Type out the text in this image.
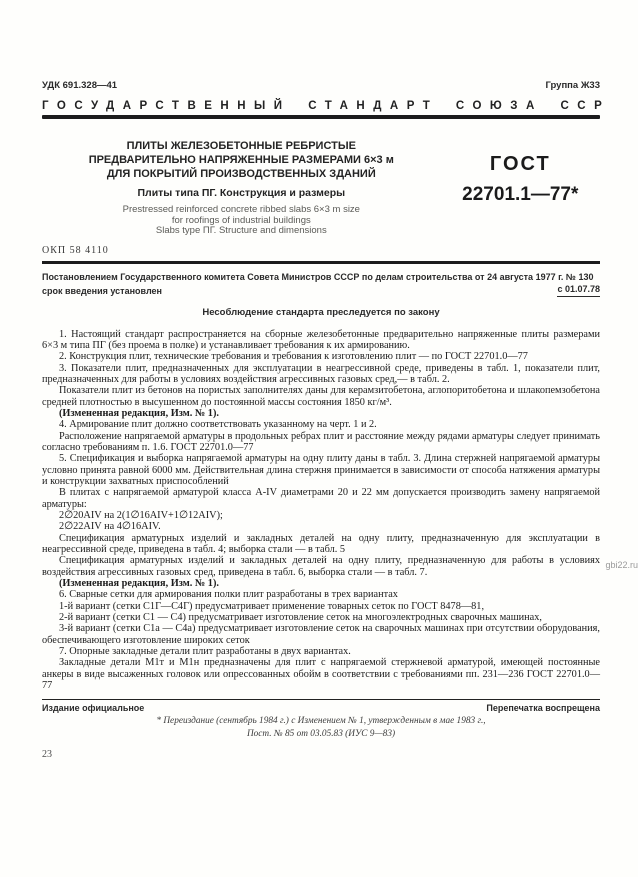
УДК 691.328—41	Группа Ж33
ГОСУДАРСТВЕННЫЙ СТАНДАРТ СОЮЗА ССР
ПЛИТЫ ЖЕЛЕЗОБЕТОННЫЕ РЕБРИСТЫЕ
ПРЕДВАРИТЕЛЬНО НАПРЯЖЕННЫЕ РАЗМЕРАМИ 6×3 м
ДЛЯ ПОКРЫТИЙ ПРОИЗВОДСТВЕННЫХ ЗДАНИЙ
Плиты типа ПГ. Конструкция и размеры
Prestressed reinforced concrete ribbed slabs 6×3 m size
for roofings of industrial buildings
Slabs type ПГ. Structure and dimensions
ГОСТ
22701.1—77*
ОКП 58 4110
Постановлением Государственного комитета Совета Министров СССР по делам строительства от 24 августа 1977 г. № 130
срок введения установлен	с 01.07.78
Несоблюдение стандарта преследуется по закону

1. Настоящий стандарт распространяется на сборные железобетонные предварительно напряженные плиты размерами 6×3 м типа ПГ (без проема в полке) и устанавливает требования к их армированию.

2. Конструкция плит, технические требования и требования к изготовлению плит — по ГОСТ 22701.0—77

3. Показатели плит, предназначенных для эксплуатации в неагрессивной среде, приведены в табл. 1, показатели плит, предназначенных для работы в условиях воздействия агрессивных газовых сред,— в табл. 2.

Показатели плит из бетонов на пористых заполнителях даны для керамзитобетона, аглопоритобетона и шлакопемзобетона средней плотностью в высушенном до постоянной массы состояния 1850 кг/м³.

(Измененная редакция, Изм. № 1).

4. Армирование плит должно соответствовать указанному на черт. 1 и 2.

Расположение напрягаемой арматуры в продольных ребрах плит и расстояние между рядами арматуры следует принимать согласно требованиям п. 1.6. ГОСТ 22701.0—77

5. Спецификация и выборка напрягаемой арматуры на одну плиту даны в табл. 3. Длина стержней напрягаемой арматуры условно принята равной 6000 мм. Действительная длина стержня принимается в зависимости от способа натяжения арматуры и конструкции захватных приспособлений

В плитах с напрягаемой арматурой класса А-IV диаметрами 20 и 22 мм допускается производить замену напрягаемой арматуры:

2∅20АIV на 2(1∅16АIV+1∅12АIV);

2∅22АIV на 4∅16АIV.

Спецификация арматурных изделий и закладных деталей на одну плиту, предназначенную для эксплуатации в неагрессивной среде, приведена в табл. 4; выборка стали — в табл. 5

Спецификация арматурных изделий и закладных деталей на одну плиту, предназначенную для работы в условиях воздействия агрессивных газовых сред, приведена в табл. 6, выборка стали — в табл. 7.

(Измененная редакция, Изм. № 1).

6. Сварные сетки для армирования полки плит разработаны в трех вариантах

1-й вариант (сетки С1Г—С4Г) предусматривает применение товарных сеток по ГОСТ 8478—81,

2-й вариант (сетки С1 — С4) предусматривает изготовление сеток на многоэлектродных сварочных машинах,

3-й вариант (сетки С1а — С4а) предусматривает изготовление сеток на сварочных машинах при отсутствии оборудования, обеспечивающего изготовление широких сеток

7. Опорные закладные детали плит разработаны в двух вариантах.

Закладные детали М1т и М1н предназначены для плит с напрягаемой стержневой арматурой, имеющей постоянные анкеры в виде высаженных головок или опрессованных обойм в соответствии с требованиями пп. 231—236 ГОСТ 22701.0—77

Издание официальное	Перепечатка воспрещена
* Переиздание (сентябрь 1984 г.) с Изменением № 1, утвержденным в мае 1983 г.,
Пост. № 85 от 03.05.83 (ИУС 9—83)
23
gbi22.ru
